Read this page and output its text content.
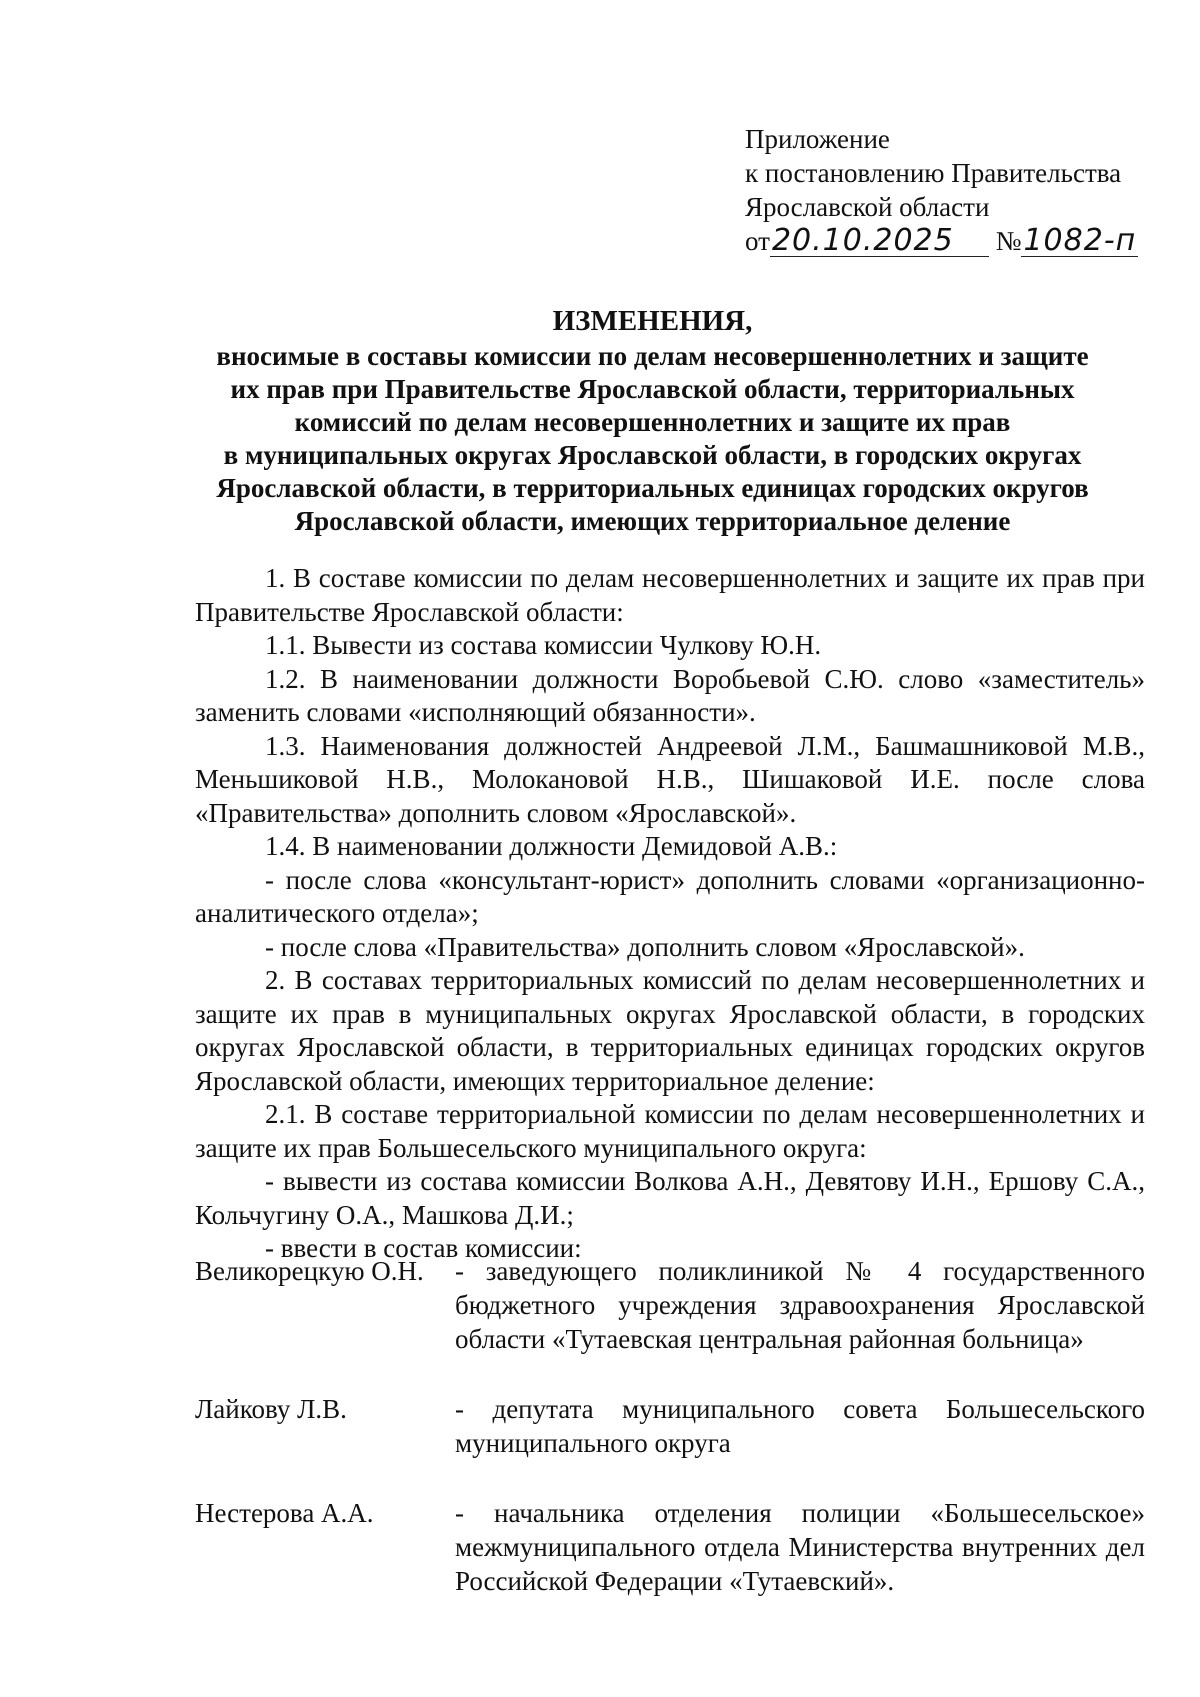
Приложение
к постановлению Правительства
Ярославской области
от20.10.2025 №1082-п
ИЗМЕНЕНИЯ,
вносимые в составы комиссии по делам несовершеннолетних и защите
их прав при Правительстве Ярославской области, территориальных
комиссий по делам несовершеннолетних и защите их прав
в муниципальных округах Ярославской области, в городских округах
Ярославской области, в территориальных единицах городских округов
Ярославской области, имеющих территориальное деление

1. В составе комиссии по делам несовершеннолетних и защите их прав при Правительстве Ярославской области:

1.1. Вывести из состава комиссии Чулкову Ю.Н.

1.2. В наименовании должности Воробьевой С.Ю. слово «заместитель» заменить словами «исполняющий обязанности».

1.3. Наименования должностей Андреевой Л.М., Башмашниковой М.В., Меньшиковой Н.В., Молокановой Н.В., Шишаковой И.Е. после слова «Правительства» дополнить словом «Ярославской».

1.4. В наименовании должности Демидовой А.В.:

- после слова «консультант-юрист» дополнить словами «организационно-аналитического отдела»;

- после слова «Правительства» дополнить словом «Ярославской».

2. В составах территориальных комиссий по делам несовершеннолетних и защите их прав в муниципальных округах Ярославской области, в городских округах Ярославской области, в территориальных единицах городских округов Ярославской области, имеющих территориальное деление:

2.1. В составе территориальной комиссии по делам несовершеннолетних и защите их прав Большесельского муниципального округа:

- вывести из состава комиссии Волкова А.Н., Девятову И.Н., Ершову С.А., Кольчугину О.А., Машкова Д.И.;

- ввести в состав комиссии:

Великорецкую О.Н.	- заведующего поликлиникой № 4 государственного бюджетного учреждения здравоохранения Ярославской области «Тутаевская центральная районная больница»
Лайкову Л.В.	- депутата муниципального совета Большесельского муниципального округа
Нестерова А.А.	- начальника отделения полиции «Большесельское» межмуниципального отдела Министерства внутренних дел Российской Федерации «Тутаевский».
